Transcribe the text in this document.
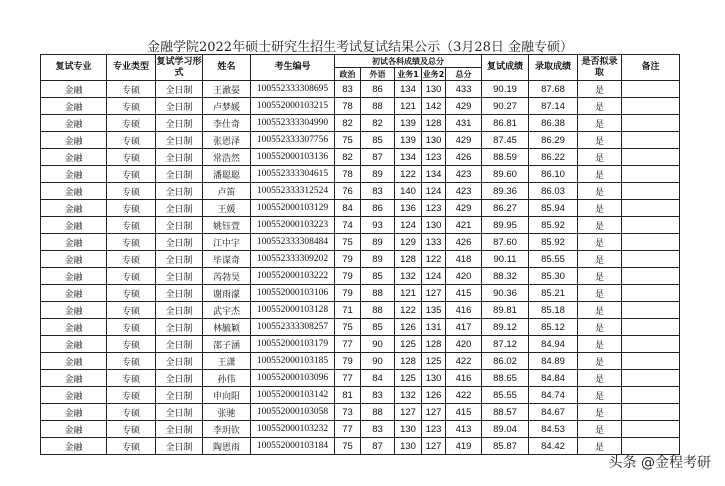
金融学院2022年硕士研究生招生考试复试结果公示（3月28日 金融专硕）
复试专业	专业类型	复试学习形式	姓名	考生编号	初试各科成绩及总分					复试成绩	录取成绩	是否拟录取	备注
					政治	外语	业务1	业务2	总分				
金融	专硕	全日制	王澈晏	100552333308695	83	86	134	130	433	90.19	87.68	是	
金融	专硕	全日制	卢梦媛	100552000103215	78	88	121	142	429	90.27	87.14	是	
金融	专硕	全日制	李仕奇	100552333304990	82	82	139	128	431	86.81	86.38	是	
金融	专硕	全日制	张恩泽	100552333307756	75	85	139	130	429	87.45	86.29	是	
金融	专硕	全日制	常浩然	100552000103136	82	87	134	123	426	88.59	86.22	是	
金融	专硕	全日制	潘聪聪	100552333304615	78	89	122	134	423	89.60	86.10	是	
金融	专硕	全日制	卢笛	100552333312524	76	83	140	124	423	89.36	86.03	是	
金融	专硕	全日制	王媛	100552000103129	84	86	136	123	429	86.27	85.94	是	
金融	专硕	全日制	姚钰萱	100552000103223	74	93	124	130	421	89.95	85.92	是	
金融	专硕	全日制	江中宇	100552333308484	75	89	129	133	426	87.60	85.92	是	
金融	专硕	全日制	毕谋奇	100552333309202	79	89	128	122	418	90.11	85.55	是	
金融	专硕	全日制	芮勃昊	100552000103222	79	85	132	124	420	88.32	85.30	是	
金融	专硕	全日制	谢雨濛	100552000103106	79	88	121	127	415	90.36	85.21	是	
金融	专硕	全日制	武宇杰	100552000103128	71	88	122	135	416	89.81	85.18	是	
金融	专硕	全日制	林毓颖	100552333308257	75	85	126	131	417	89.12	85.12	是	
金融	专硕	全日制	邵子涵	100552000103179	77	90	125	128	420	87.12	84.94	是	
金融	专硕	全日制	王潇	100552000103185	79	90	128	125	422	86.02	84.89	是	
金融	专硕	全日制	孙伟	100552000103096	77	84	125	130	416	88.65	84.84	是	
金融	专硕	全日制	申向阳	100552000103142	81	83	132	126	422	85.55	84.74	是	
金融	专硕	全日制	张驰	100552000103058	73	88	127	127	415	88.57	84.67	是	
金融	专硕	全日制	李玥钦	100552000103232	77	83	130	123	413	89.04	84.53	是	
金融	专硕	全日制	陶恩雨	100552000103184	75	87	130	127	419	85.87	84.42	是	
头条 @金程考研
